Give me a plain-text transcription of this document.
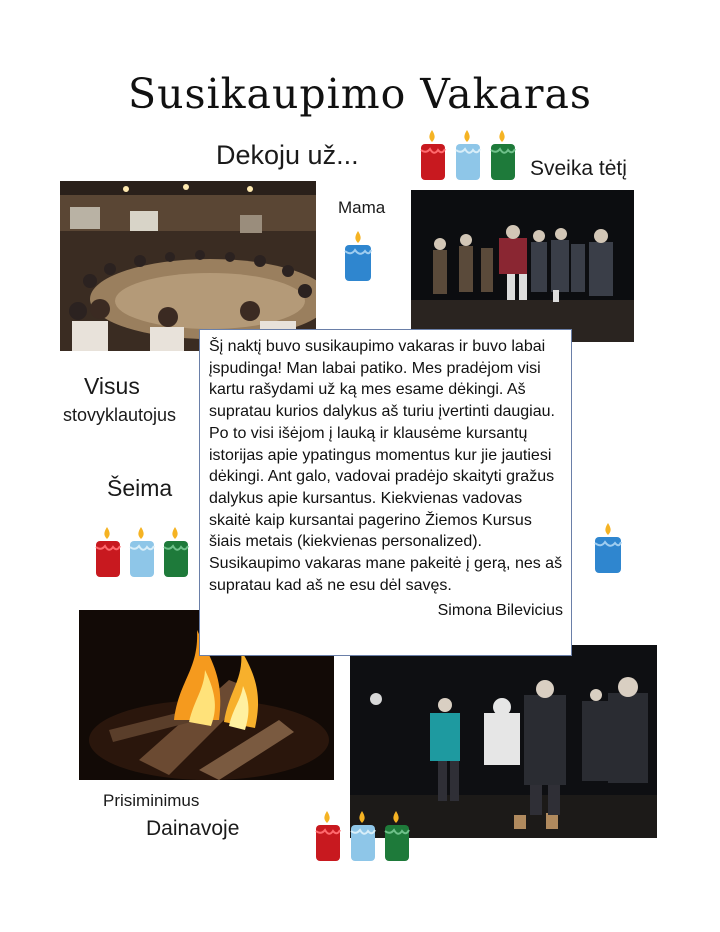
Susikaupimo Vakaras
Dekoju už...	Sveika tėtį
Mama
Visus
stovyklautojus
Šeima
Prisiminimus
Dainavoje

Šį naktį buvo susikaupimo vakaras ir buvo labai įspudinga! Man labai patiko. Mes pradėjom visi kartu rašydami už ką mes esame dėkingi. Aš supratau kurios dalykus aš turiu įvertinti daugiau. Po to visi išėjom į lauką ir klausėme kursantų istorijas apie ypatingus momentus kur jie jautiesi dėkingi. Ant galo, vadovai pradėjo skaityti gražus dalykus apie kursantus. Kiekvienas vadovas skaitė kaip kursantai pagerino Žiemos Kursus šiais metais (kiekvienas personalized). Susikaupimo vakaras mane pakeitė į gerą, nes aš supratau kad aš ne esu dėl savęs.

Simona Bilevicius
